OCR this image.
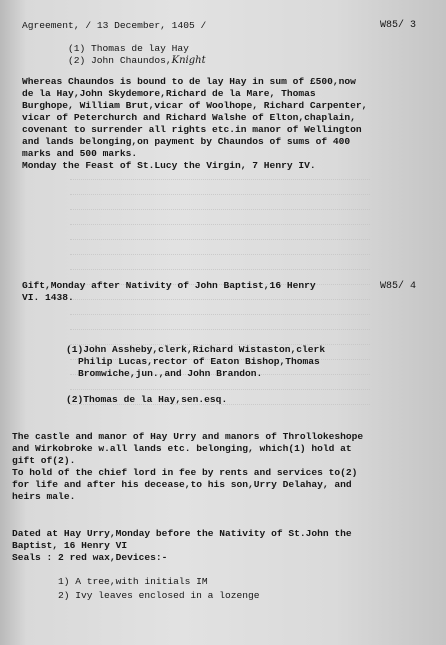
Agreement, / 13 December, 1405 /	W85/ 3
(1) Thomas de lay Hay
(2) John Chaundos,Knight
Whereas Chaundos is bound to de lay Hay in sum of £500,now
de la Hay,John Skydemore,Richard de la Mare, Thomas
Burghope, William Brut,vicar of Woolhope, Richard Carpenter,
vicar of Peterchurch and Richard Walshe of Elton,chaplain,
covenant to surrender all rights etc.in manor of Wellington
and lands belonging,on payment by Chaundos of sums of 400
marks and 500 marks.
Monday the Feast of St.Lucy the Virgin, 7 Henry IV.
Gift,Monday after Nativity of John Baptist,16 Henry
VI. 1438.
W85/ 4
(1)John Assheby,clerk,Richard Wistaston,clerk
Philip Lucas,rector of Eaton Bishop,Thomas
Bromwiche,jun.,and John Brandon.
(2)Thomas de la Hay,sen.esq.
The castle and manor of Hay Urry and manors of Throllokeshope
and Wirkobroke w.all lands etc. belonging, which(1) hold at
gift of(2).
To hold of the chief lord in fee by rents and services to(2)
for life and after his decease,to his son,Urry Delahay, and
heirs male.
Dated at Hay Urry,Monday before the Nativity of St.John the
Baptist, 16 Henry VI
Seals : 2 red wax,Devices:-
1) A tree,with initials IM
2) Ivy leaves enclosed in a lozenge
